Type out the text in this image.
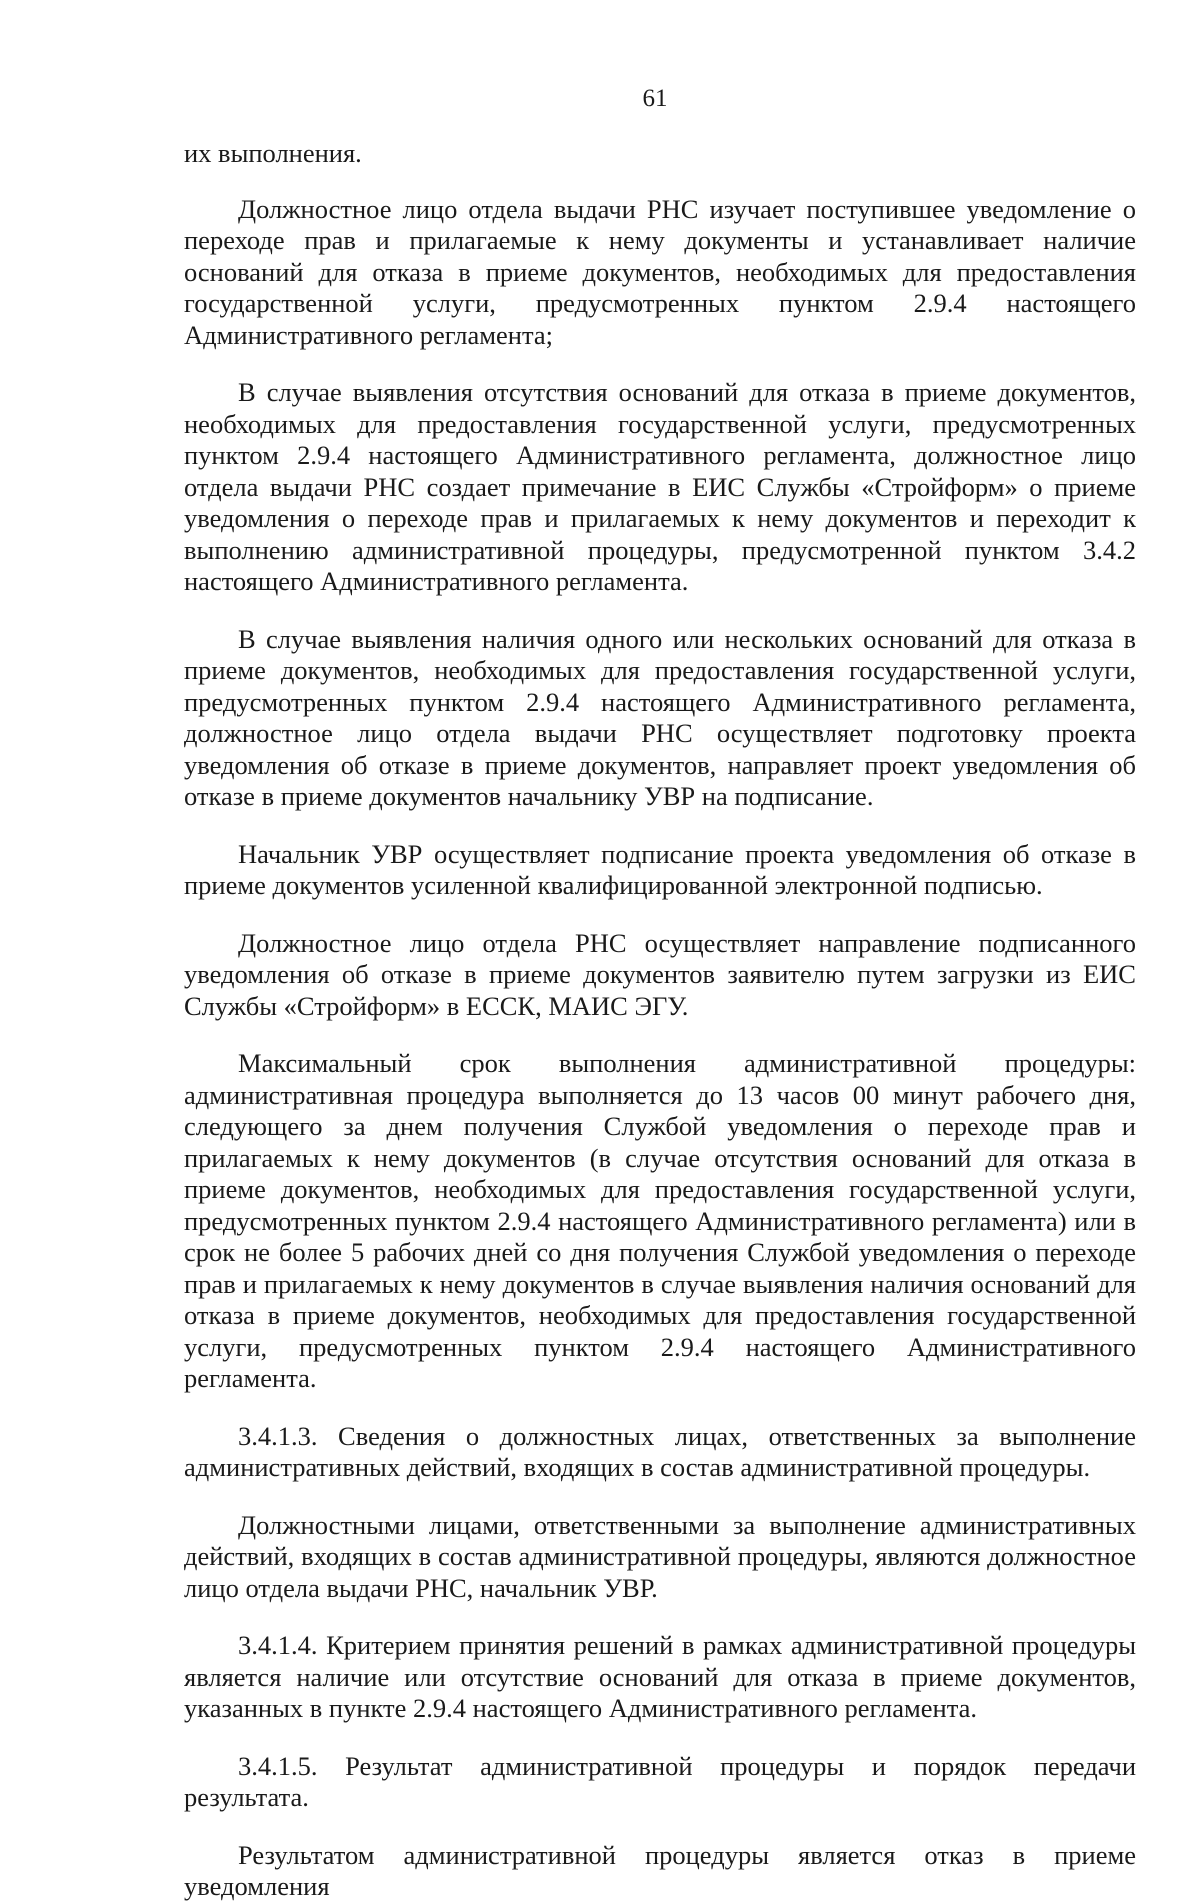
61

их выполнения.

Должностное лицо отдела выдачи РНС изучает поступившее уведомление о переходе прав и прилагаемые к нему документы и устанавливает наличие оснований для отказа в приеме документов, необходимых для предоставления государственной услуги, предусмотренных пунктом 2.9.4 настоящего Административного регламента;

В случае выявления отсутствия оснований для отказа в приеме документов, необходимых для предоставления государственной услуги, предусмотренных пунктом 2.9.4 настоящего Административного регламента, должностное лицо отдела выдачи РНС создает примечание в ЕИС Службы «Стройформ» о приеме уведомления о переходе прав и прилагаемых к нему документов и переходит к выполнению административной процедуры, предусмотренной пунктом 3.4.2 настоящего Административного регламента.

В случае выявления наличия одного или нескольких оснований для отказа в приеме документов, необходимых для предоставления государственной услуги, предусмотренных пунктом 2.9.4 настоящего Административного регламента, должностное лицо отдела выдачи РНС осуществляет подготовку проекта уведомления об отказе в приеме документов, направляет проект уведомления об отказе в приеме документов начальнику УВР на подписание.

Начальник УВР осуществляет подписание проекта уведомления об отказе в приеме документов усиленной квалифицированной электронной подписью.

Должностное лицо отдела РНС осуществляет направление подписанного уведомления об отказе в приеме документов заявителю путем загрузки из ЕИС Службы «Стройформ» в ЕССК, МАИС ЭГУ.

Максимальный срок выполнения административной процедуры: административная процедура выполняется до 13 часов 00 минут рабочего дня, следующего за днем получения Службой уведомления о переходе прав и прилагаемых к нему документов (в случае отсутствия оснований для отказа в приеме документов, необходимых для предоставления государственной услуги, предусмотренных пунктом 2.9.4 настоящего Административного регламента) или в срок не более 5 рабочих дней со дня получения Службой уведомления о переходе прав и прилагаемых к нему документов в случае выявления наличия оснований для отказа в приеме документов, необходимых для предоставления государственной услуги, предусмотренных пунктом 2.9.4 настоящего Административного регламента.

3.4.1.3. Сведения о должностных лицах, ответственных за выполнение административных действий, входящих в состав административной процедуры.

Должностными лицами, ответственными за выполнение административных действий, входящих в состав административной процедуры, являются должностное лицо отдела выдачи РНС, начальник УВР.

3.4.1.4. Критерием принятия решений в рамках административной процедуры является наличие или отсутствие оснований для отказа в приеме документов, указанных в пункте 2.9.4 настоящего Административного регламента.

3.4.1.5. Результат административной процедуры и порядок передачи результата.

Результатом административной процедуры является отказ в приеме уведомления
